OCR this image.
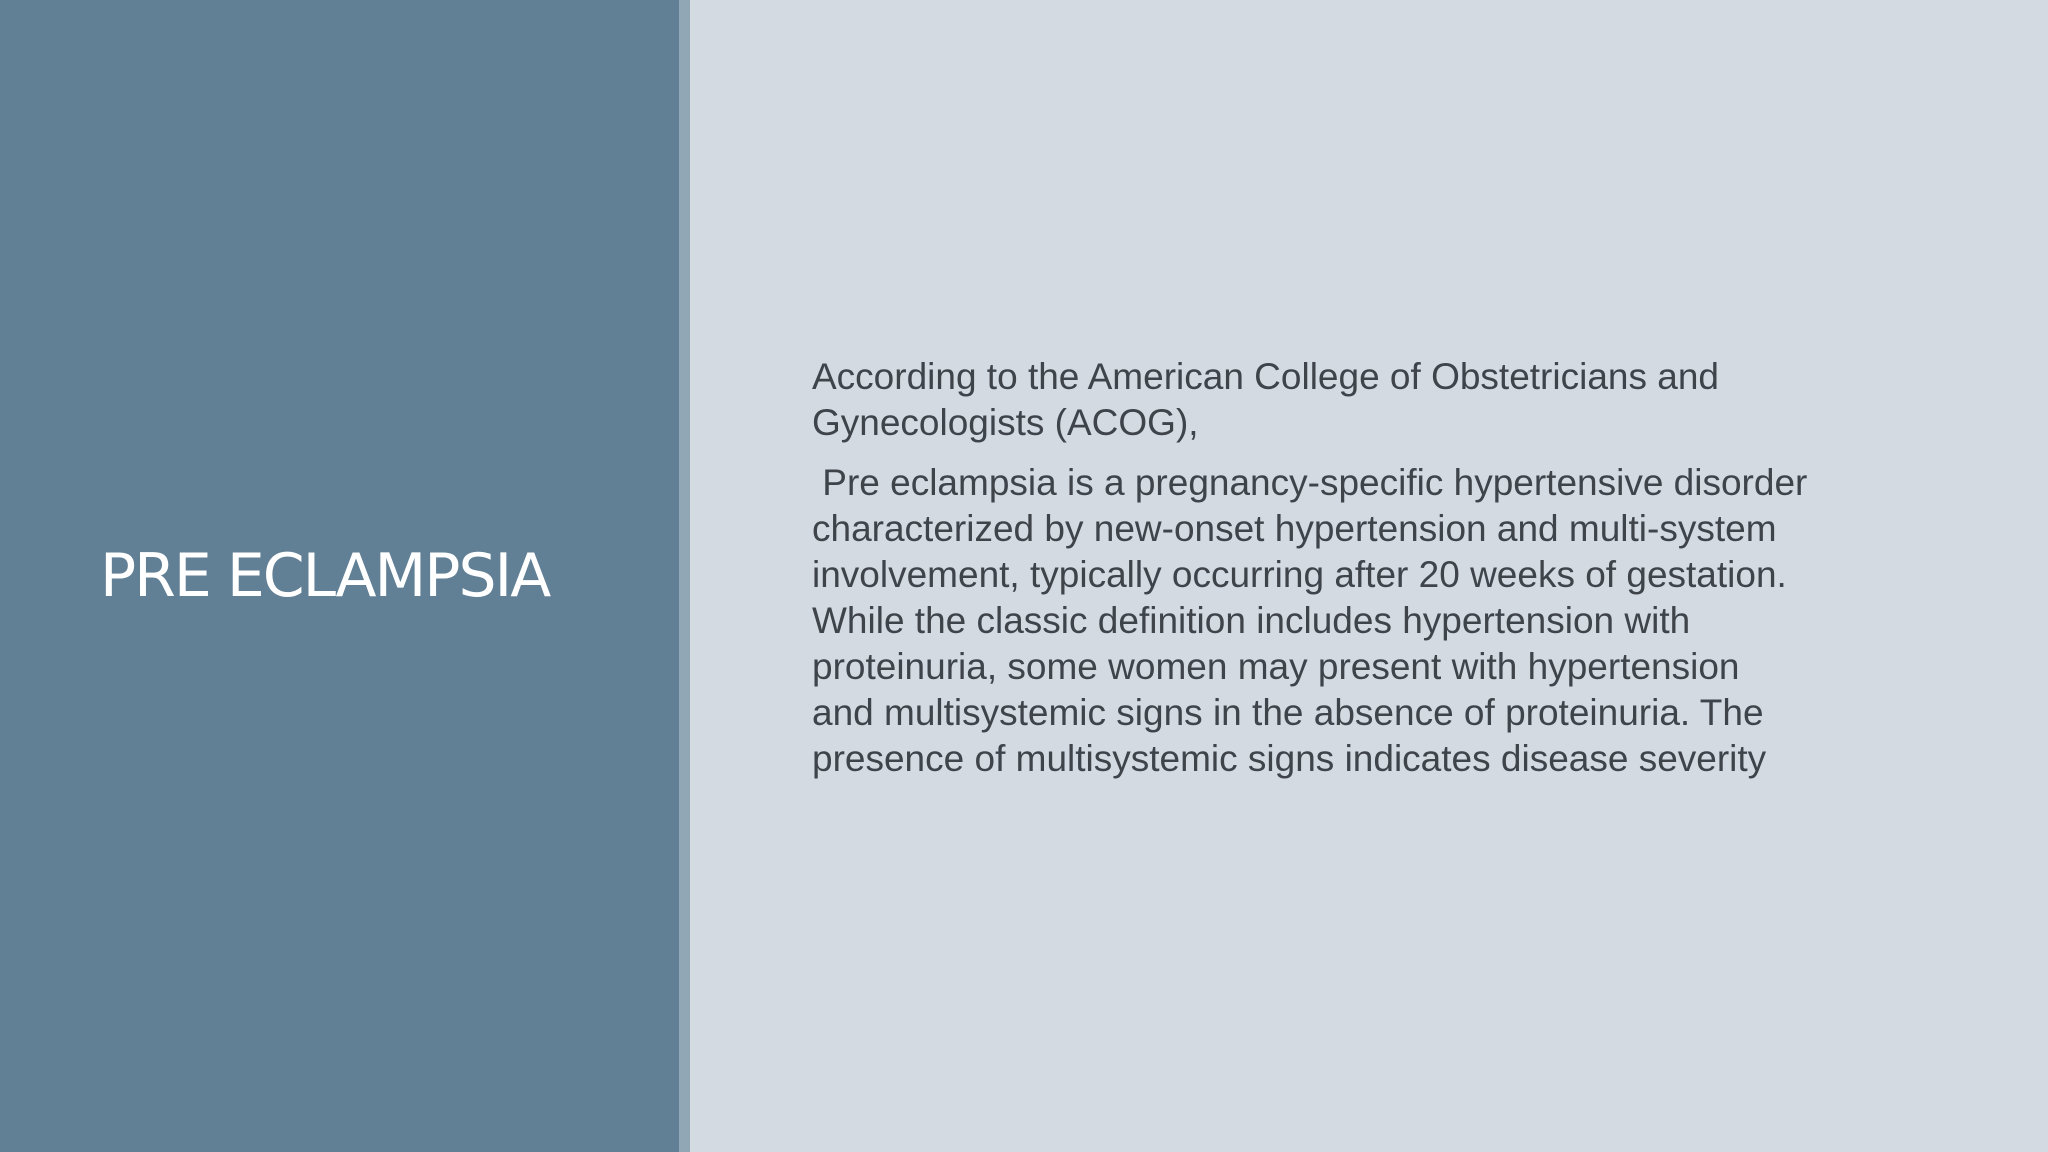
PRE ECLAMPSIA

According to the American College of Obstetricians and
Gynecologists (ACOG),

Pre eclampsia is a pregnancy-specific hypertensive disorder
characterized by new-onset hypertension and multi-system
involvement, typically occurring after 20 weeks of gestation.
While the classic definition includes hypertension with
proteinuria, some women may present with hypertension
and multisystemic signs in the absence of proteinuria. The
presence of multisystemic signs indicates disease severity
